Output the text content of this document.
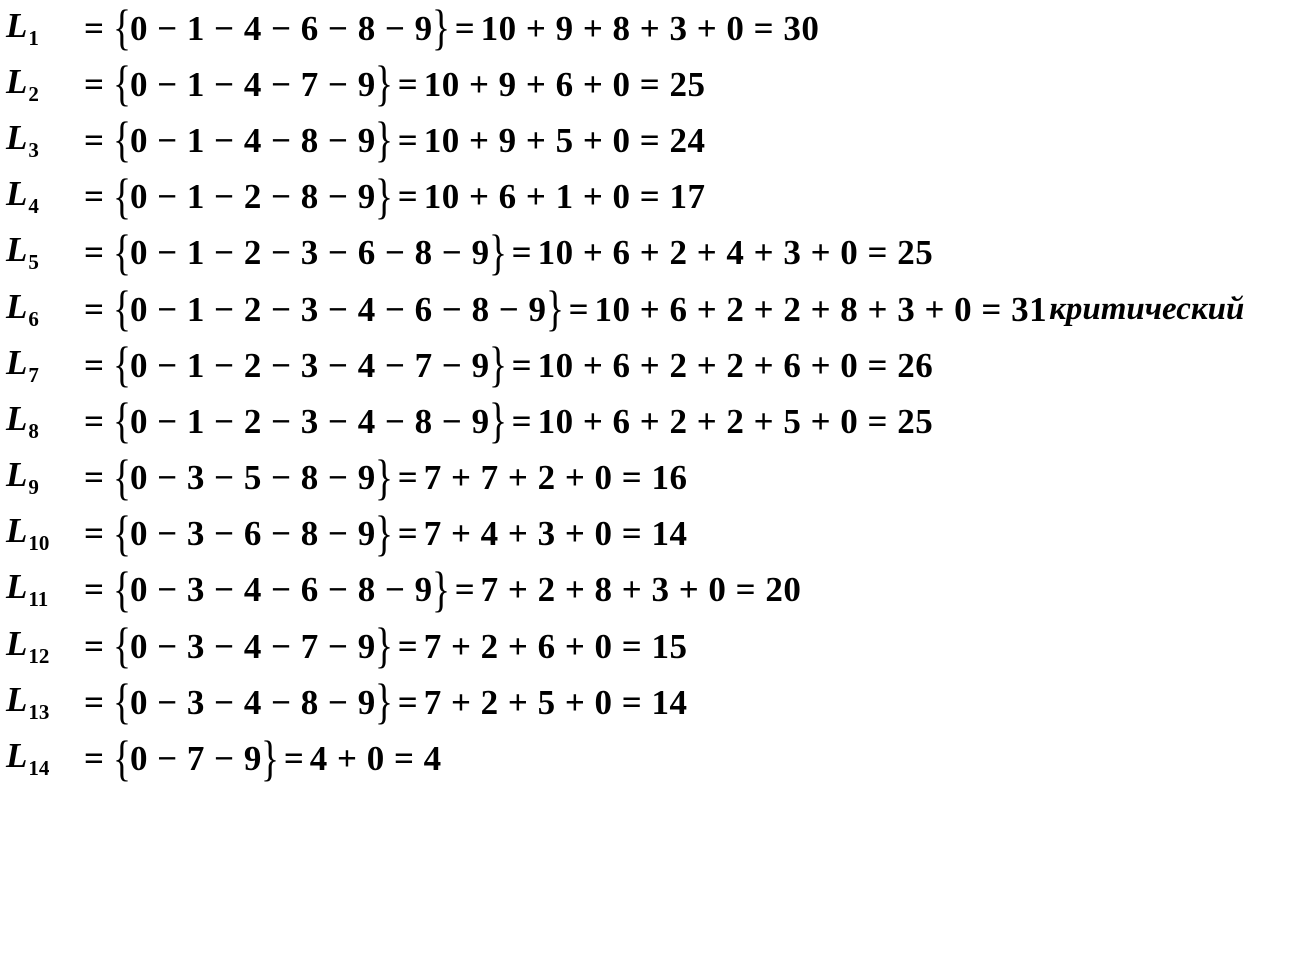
$L_1$	= { 0 − 1 − 4 − 6 − 8 − 9 } = 10 + 9 + 8 + 3 + 0 = 30
$L_2$	= { 0 − 1 − 4 − 7 − 9 } = 10 + 9 + 6 + 0 = 25
$L_3$	= { 0 − 1 − 4 − 8 − 9 } = 10 + 9 + 5 + 0 = 24
$L_4$	= { 0 − 1 − 2 − 8 − 9 } = 10 + 6 + 1 + 0 = 17
$L_5$	= { 0 − 1 − 2 − 3 − 6 − 8 − 9 } = 10 + 6 + 2 + 4 + 3 + 0 = 25
$L_6$	= { 0 − 1 − 2 − 3 − 4 − 6 − 8 − 9 } = 10 + 6 + 2 + 2 + 8 + 3 + 0 = 31 критический
$L_7$	= { 0 − 1 − 2 − 3 − 4 − 7 − 9 } = 10 + 6 + 2 + 2 + 6 + 0 = 26
$L_8$	= { 0 − 1 − 2 − 3 − 4 − 8 − 9 } = 10 + 6 + 2 + 2 + 5 + 0 = 25
$L_9$	= { 0 − 3 − 5 − 8 − 9 } = 7 + 7 + 2 + 0 = 16
$L_{10}$ = { 0 − 3 − 6 − 8 − 9 } = 7 + 4 + 3 + 0 = 14
$L_{11}$	= { 0 − 3 − 4 − 6 − 8 − 9 } = 7 + 2 + 8 + 3 + 0 = 20
$L_{12}$ = { 0 − 3 − 4 − 7 − 9 } = 7 + 2 + 6 + 0 = 15
$L_{13}$ = { 0 − 3 − 4 − 8 − 9 } = 7 + 2 + 5 + 0 = 14
$L_{14}$ = { 0 − 7 − 9 } = 4 + 0 = 4
